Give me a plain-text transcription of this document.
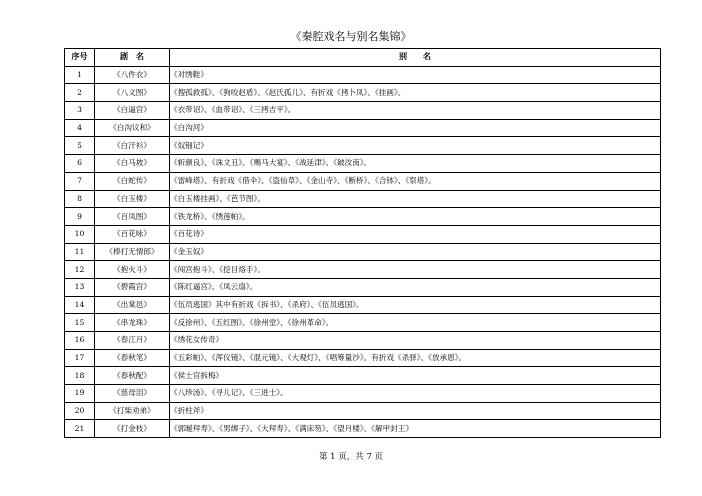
《秦腔戏名与别名集锦》
序号	剧　名	别　　名
1	《八件衣》	《对绣鞋》
2	《八义图》	《搜孤救孤》、《狗咬赵盾》、《赵氏孤儿》、有折戏《拷卜凤》、《挂画》。
3	《白逼宫》	《衣带诏》、《血带诏》、《三拷吉平》。
4	《白沟议和》	《白沟河》
5	《白汗衫》	《奴钿记》
6	《白马坡》	《斩颜良》、《诛文丑》、《赐马大宴》、《战延津》、《破汝南》。
7	《白蛇传》	《雷峰塔》、有折戏《借伞》、《盗仙草》、《金山寺》、《断桥》、《合钵》、《祭塔》。
8	《白玉楼》	《白玉楼挂画》、《芭节图》。
9	《百凤图》	《铁龙桥》、《绣莲帕》。
10	《百花咏》	《百花诗》
11	《棒打无情郎》	《金玉奴》
12	《抱火斗》	《闯宫抱斗》、《挖目烙手》。
13	《碧霞宫》	《陈红逼宫》、《凤云扇》。
14	《出棠邑》	《伍员逃国》其中有折戏《拆书》、《杀府》、《伍员逃国》。
15	《串龙珠》	《反徐州》、《五红图》、《徐州堂》、《徐州革命》。
16	《春江月》	《绣花女传奇》
17	《春秋笔》	《五彩帕》、《浑仪镜》、《混元镜》、《大观灯》、《唱筹量沙》。有折戏《杀驿》、《放承恩》。
18	《春秋配》	《侯士官拆梅》
19	《慈母泪》	《八珍汤》、《寻儿记》、《三进士》。
20	《打柴劝弟》	《折柱斧》
21	《打金枝》	《郭暧拜寿》、《男绑子》、《大拜寿》、《满床笏》、《望月楼》、《解甲封王》
第 1 页，共 7 页
